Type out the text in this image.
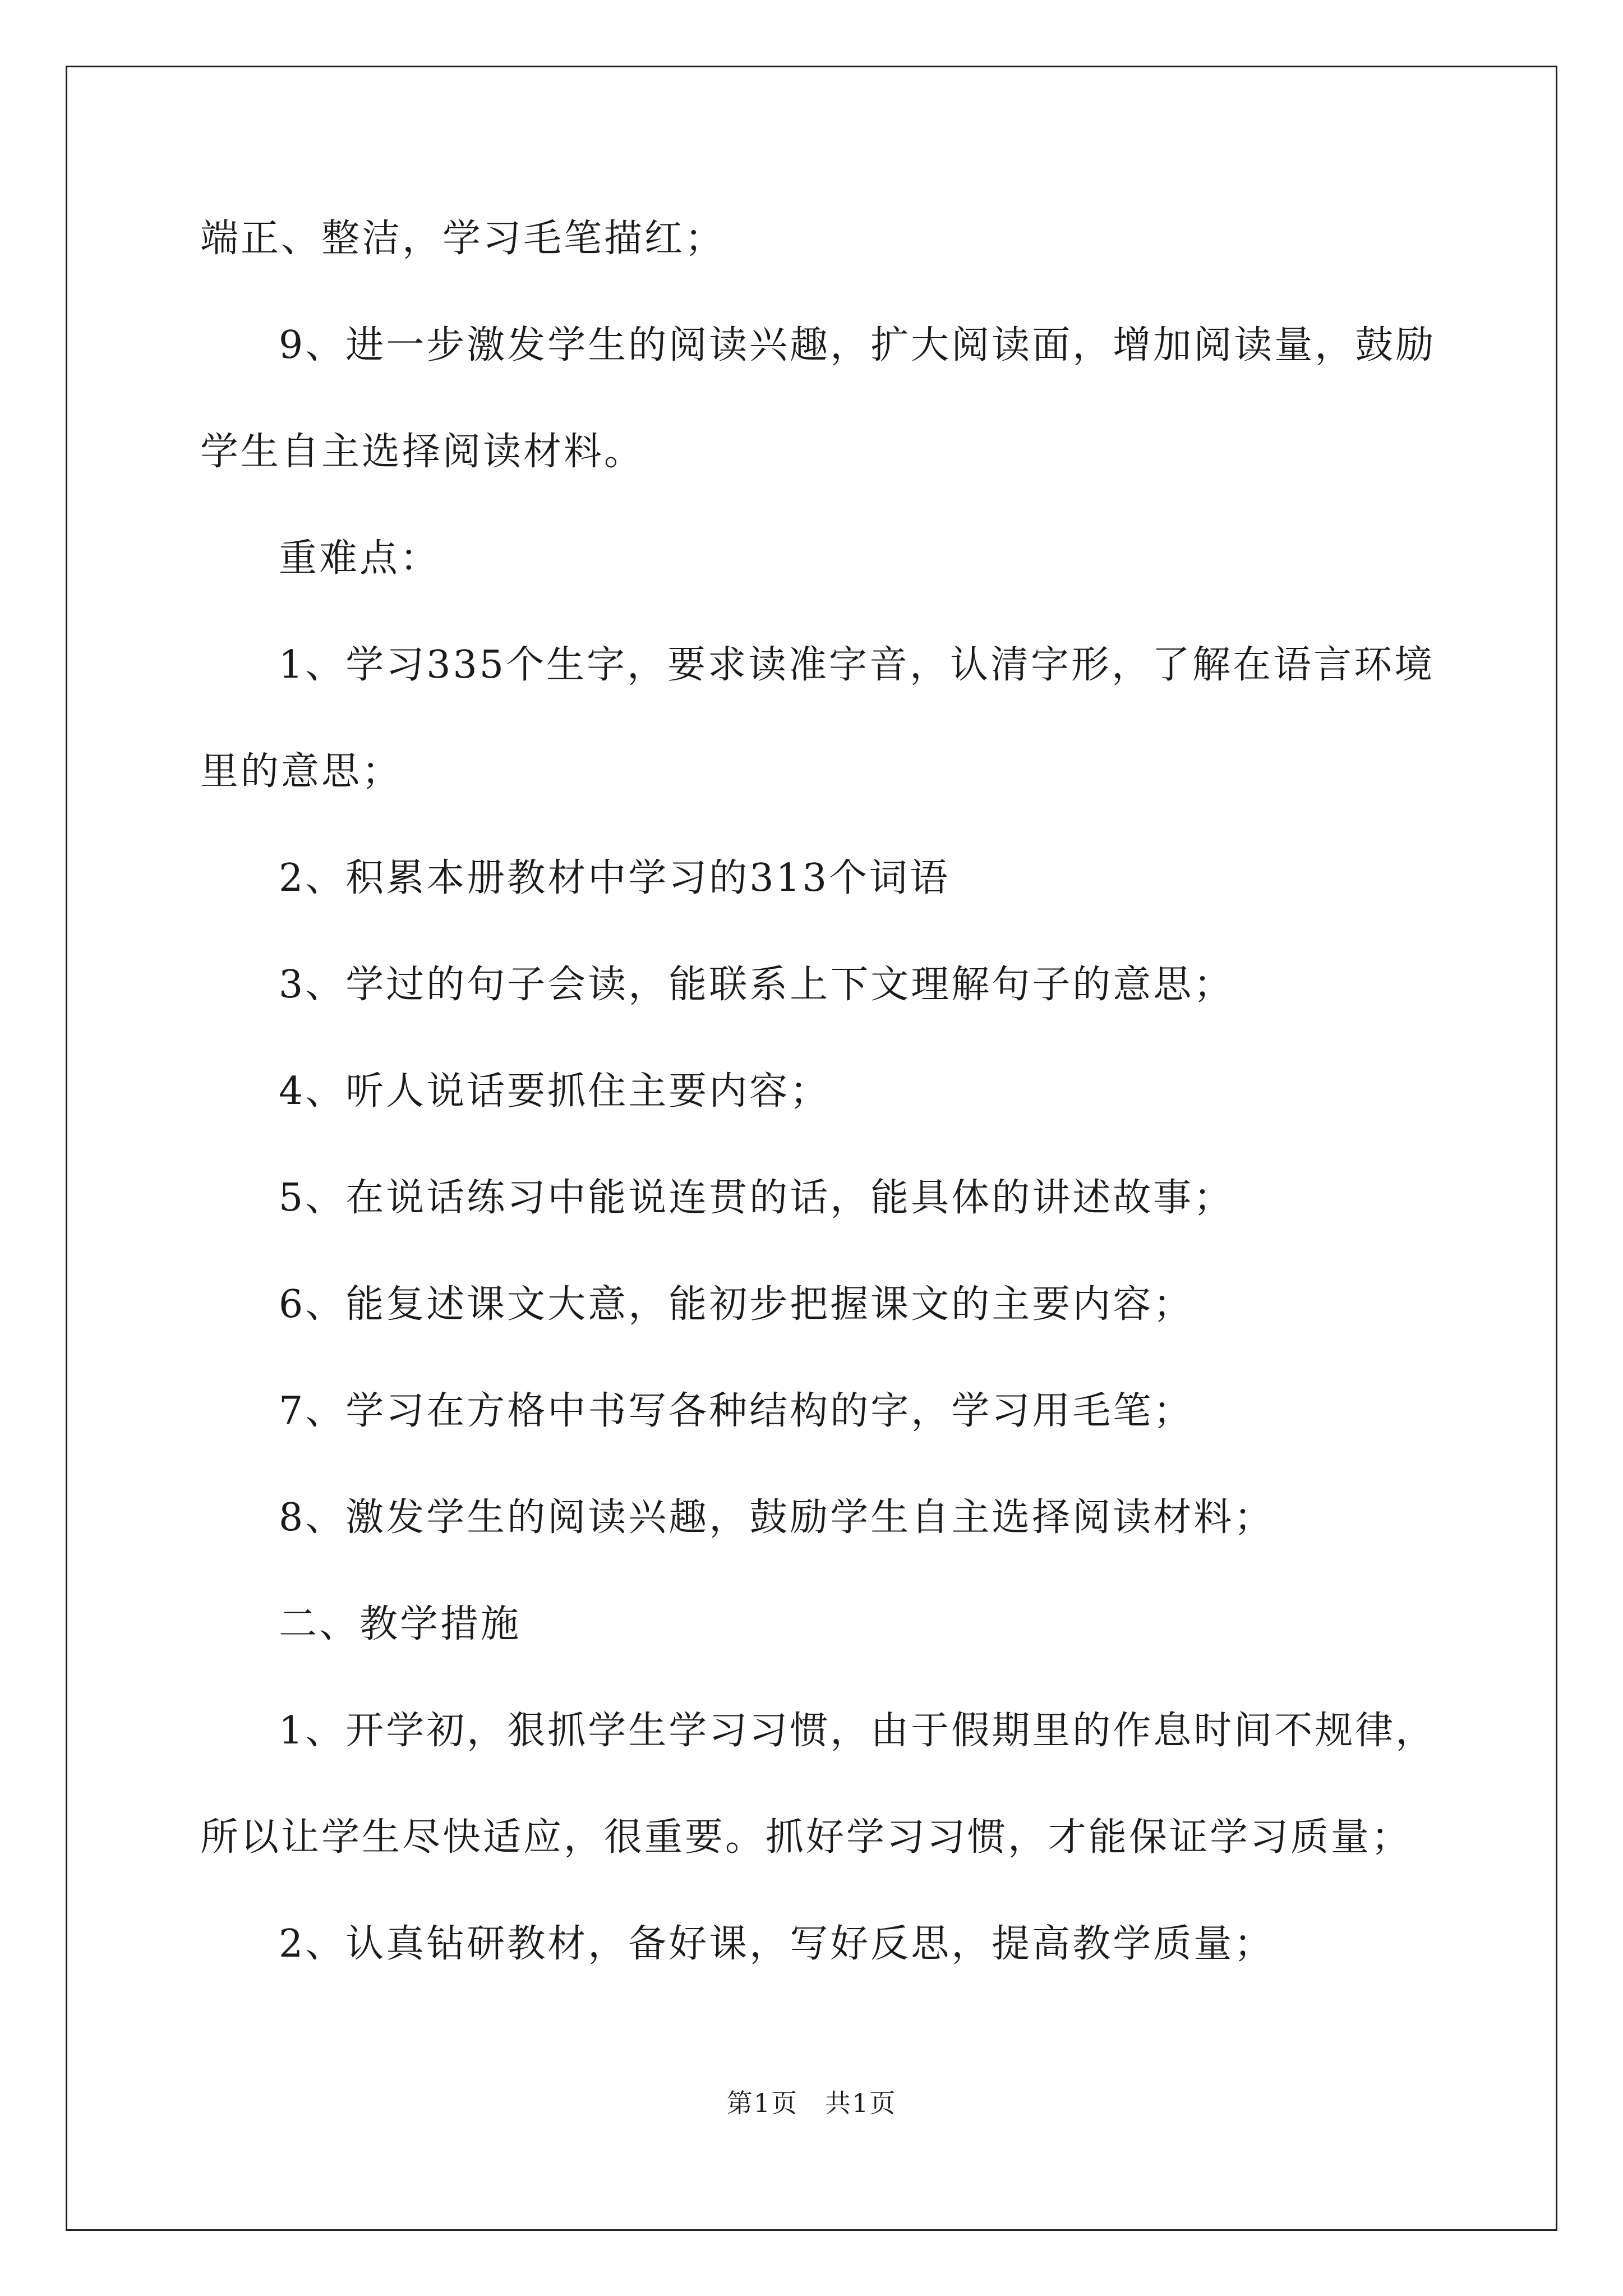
端正、整洁，学习毛笔描红；
9、进一步激发学生的阅读兴趣，扩大阅读面，增加阅读量，鼓励
学生自主选择阅读材料。
重难点：
1、学习335个生字，要求读准字音，认清字形，了解在语言环境
里的意思；
2、积累本册教材中学习的313个词语
3、学过的句子会读，能联系上下文理解句子的意思；
4、听人说话要抓住主要内容；
5、在说话练习中能说连贯的话，能具体的讲述故事；
6、能复述课文大意，能初步把握课文的主要内容；
7、学习在方格中书写各种结构的字，学习用毛笔；
8、激发学生的阅读兴趣，鼓励学生自主选择阅读材料；
二、教学措施
1、开学初，狠抓学生学习习惯，由于假期里的作息时间不规律，
所以让学生尽快适应，很重要。抓好学习习惯，才能保证学习质量；
2、认真钻研教材，备好课，写好反思，提高教学质量；
第1页　共1页
